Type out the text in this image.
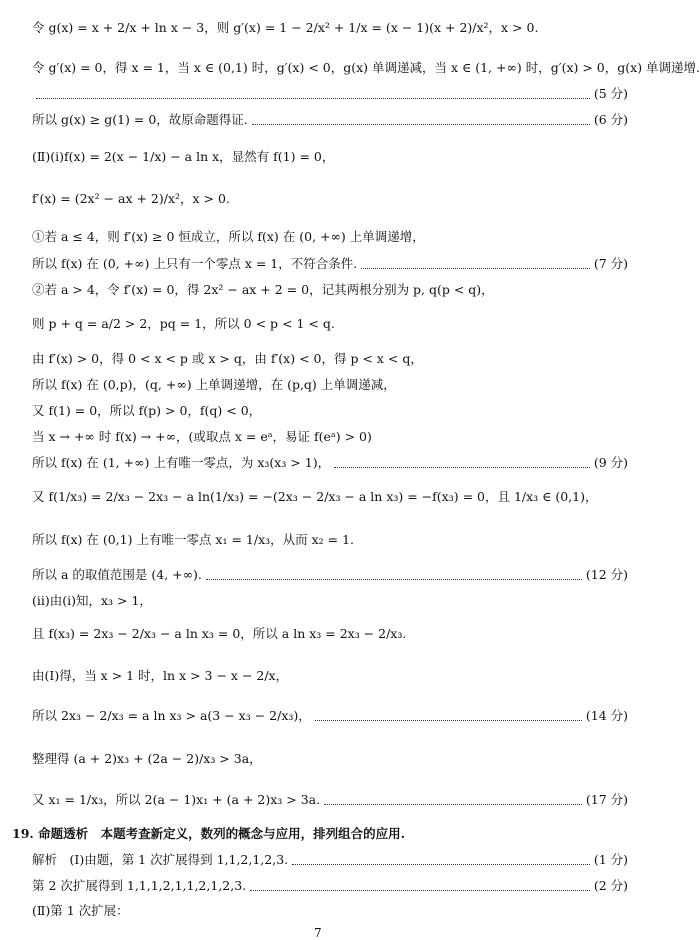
令 g(x) = x + 2/x + ln x − 3，则 g′(x) = 1 − 2/x² + 1/x = (x − 1)(x + 2)/x²，x > 0.
令 g′(x) = 0，得 x = 1，当 x ∈ (0,1) 时，g′(x) < 0，g(x) 单调递减，当 x ∈ (1, +∞) 时，g′(x) > 0，g(x) 单调递增.
(5 分)
所以 g(x) ≥ g(1) = 0，故原命题得证.	(6 分)
(Ⅱ)(ⅰ)f(x) = 2(x − 1/x) − a ln x，显然有 f(1) = 0，
f′(x) = (2x² − ax + 2)/x²，x > 0.
①若 a ≤ 4，则 f′(x) ≥ 0 恒成立，所以 f(x) 在 (0, +∞) 上单调递增，
所以 f(x) 在 (0, +∞) 上只有一个零点 x = 1，不符合条件.	(7 分)
②若 a > 4，令 f′(x) = 0，得 2x² − ax + 2 = 0，记其两根分别为 p, q(p < q)，
则 p + q = a/2 > 2，pq = 1，所以 0 < p < 1 < q.
由 f′(x) > 0，得 0 < x < p 或 x > q，由 f′(x) < 0，得 p < x < q，
所以 f(x) 在 (0,p)，(q, +∞) 上单调递增，在 (p,q) 上单调递减，
又 f(1) = 0，所以 f(p) > 0，f(q) < 0，
当 x → +∞ 时 f(x) → +∞，(或取点 x = eᵃ，易证 f(eᵃ) > 0)
所以 f(x) 在 (1, +∞) 上有唯一零点，为 x₃(x₃ > 1)，	(9 分)
又 f(1/x₃) = 2/x₃ − 2x₃ − a ln(1/x₃) = −(2x₃ − 2/x₃ − a ln x₃) = −f(x₃) = 0，且 1/x₃ ∈ (0,1)，
所以 f(x) 在 (0,1) 上有唯一零点 x₁ = 1/x₃，从而 x₂ = 1.
所以 a 的取值范围是 (4, +∞).	(12 分)
(ⅱ)由(ⅰ)知，x₃ > 1，
且 f(x₃) = 2x₃ − 2/x₃ − a ln x₃ = 0，所以 a ln x₃ = 2x₃ − 2/x₃.
由(Ⅰ)得，当 x > 1 时，ln x > 3 − x − 2/x，
所以 2x₃ − 2/x₃ = a ln x₃ > a(3 − x₃ − 2/x₃)，	(14 分)
整理得 (a + 2)x₃ + (2a − 2)/x₃ > 3a，
又 x₁ = 1/x₃，所以 2(a − 1)x₁ + (a + 2)x₃ > 3a.	(17 分)
19. 命题透析　本题考查新定义，数列的概念与应用，排列组合的应用.
解析　(Ⅰ)由题，第 1 次扩展得到 1,1,2,1,2,3.	(1 分)
第 2 次扩展得到 1,1,1,2,1,1,2,1,2,3.	(2 分)
(Ⅱ)第 1 次扩展：
7
